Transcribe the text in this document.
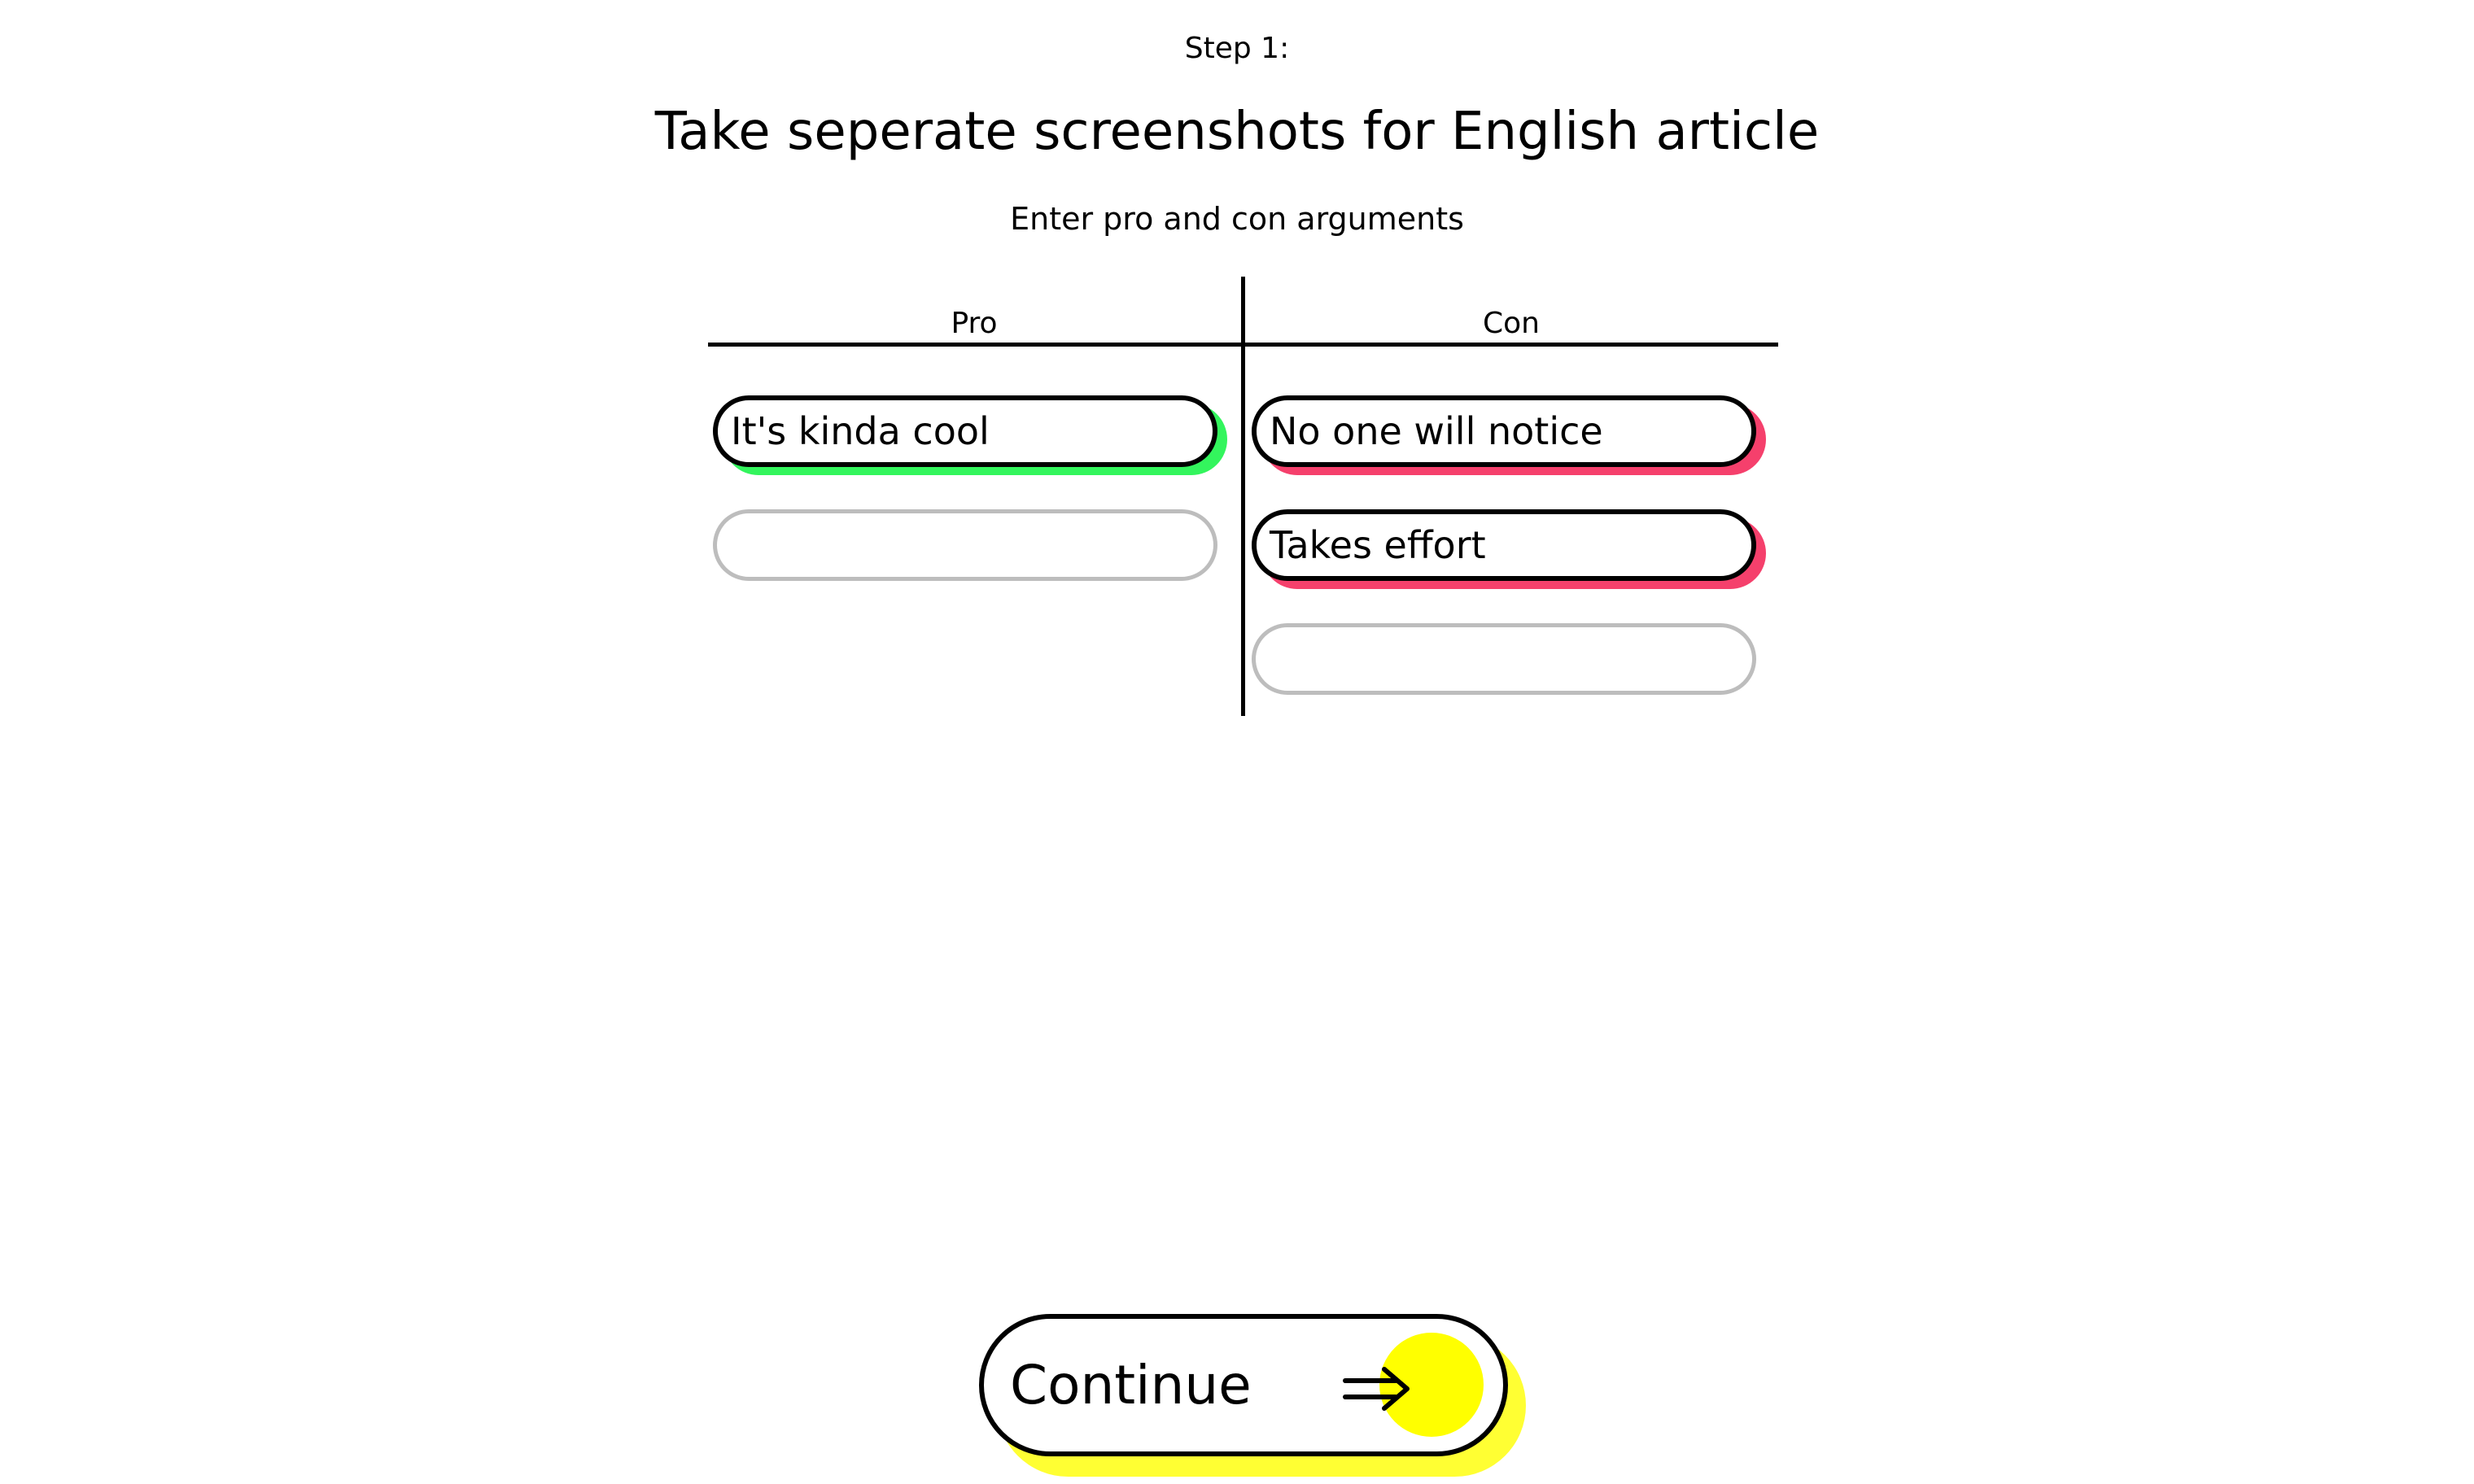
Step 1:
Take seperate screenshots for English article
Enter pro and con arguments
Pro	Con
It's kinda cool	No one will notice
Takes effort
Continue
